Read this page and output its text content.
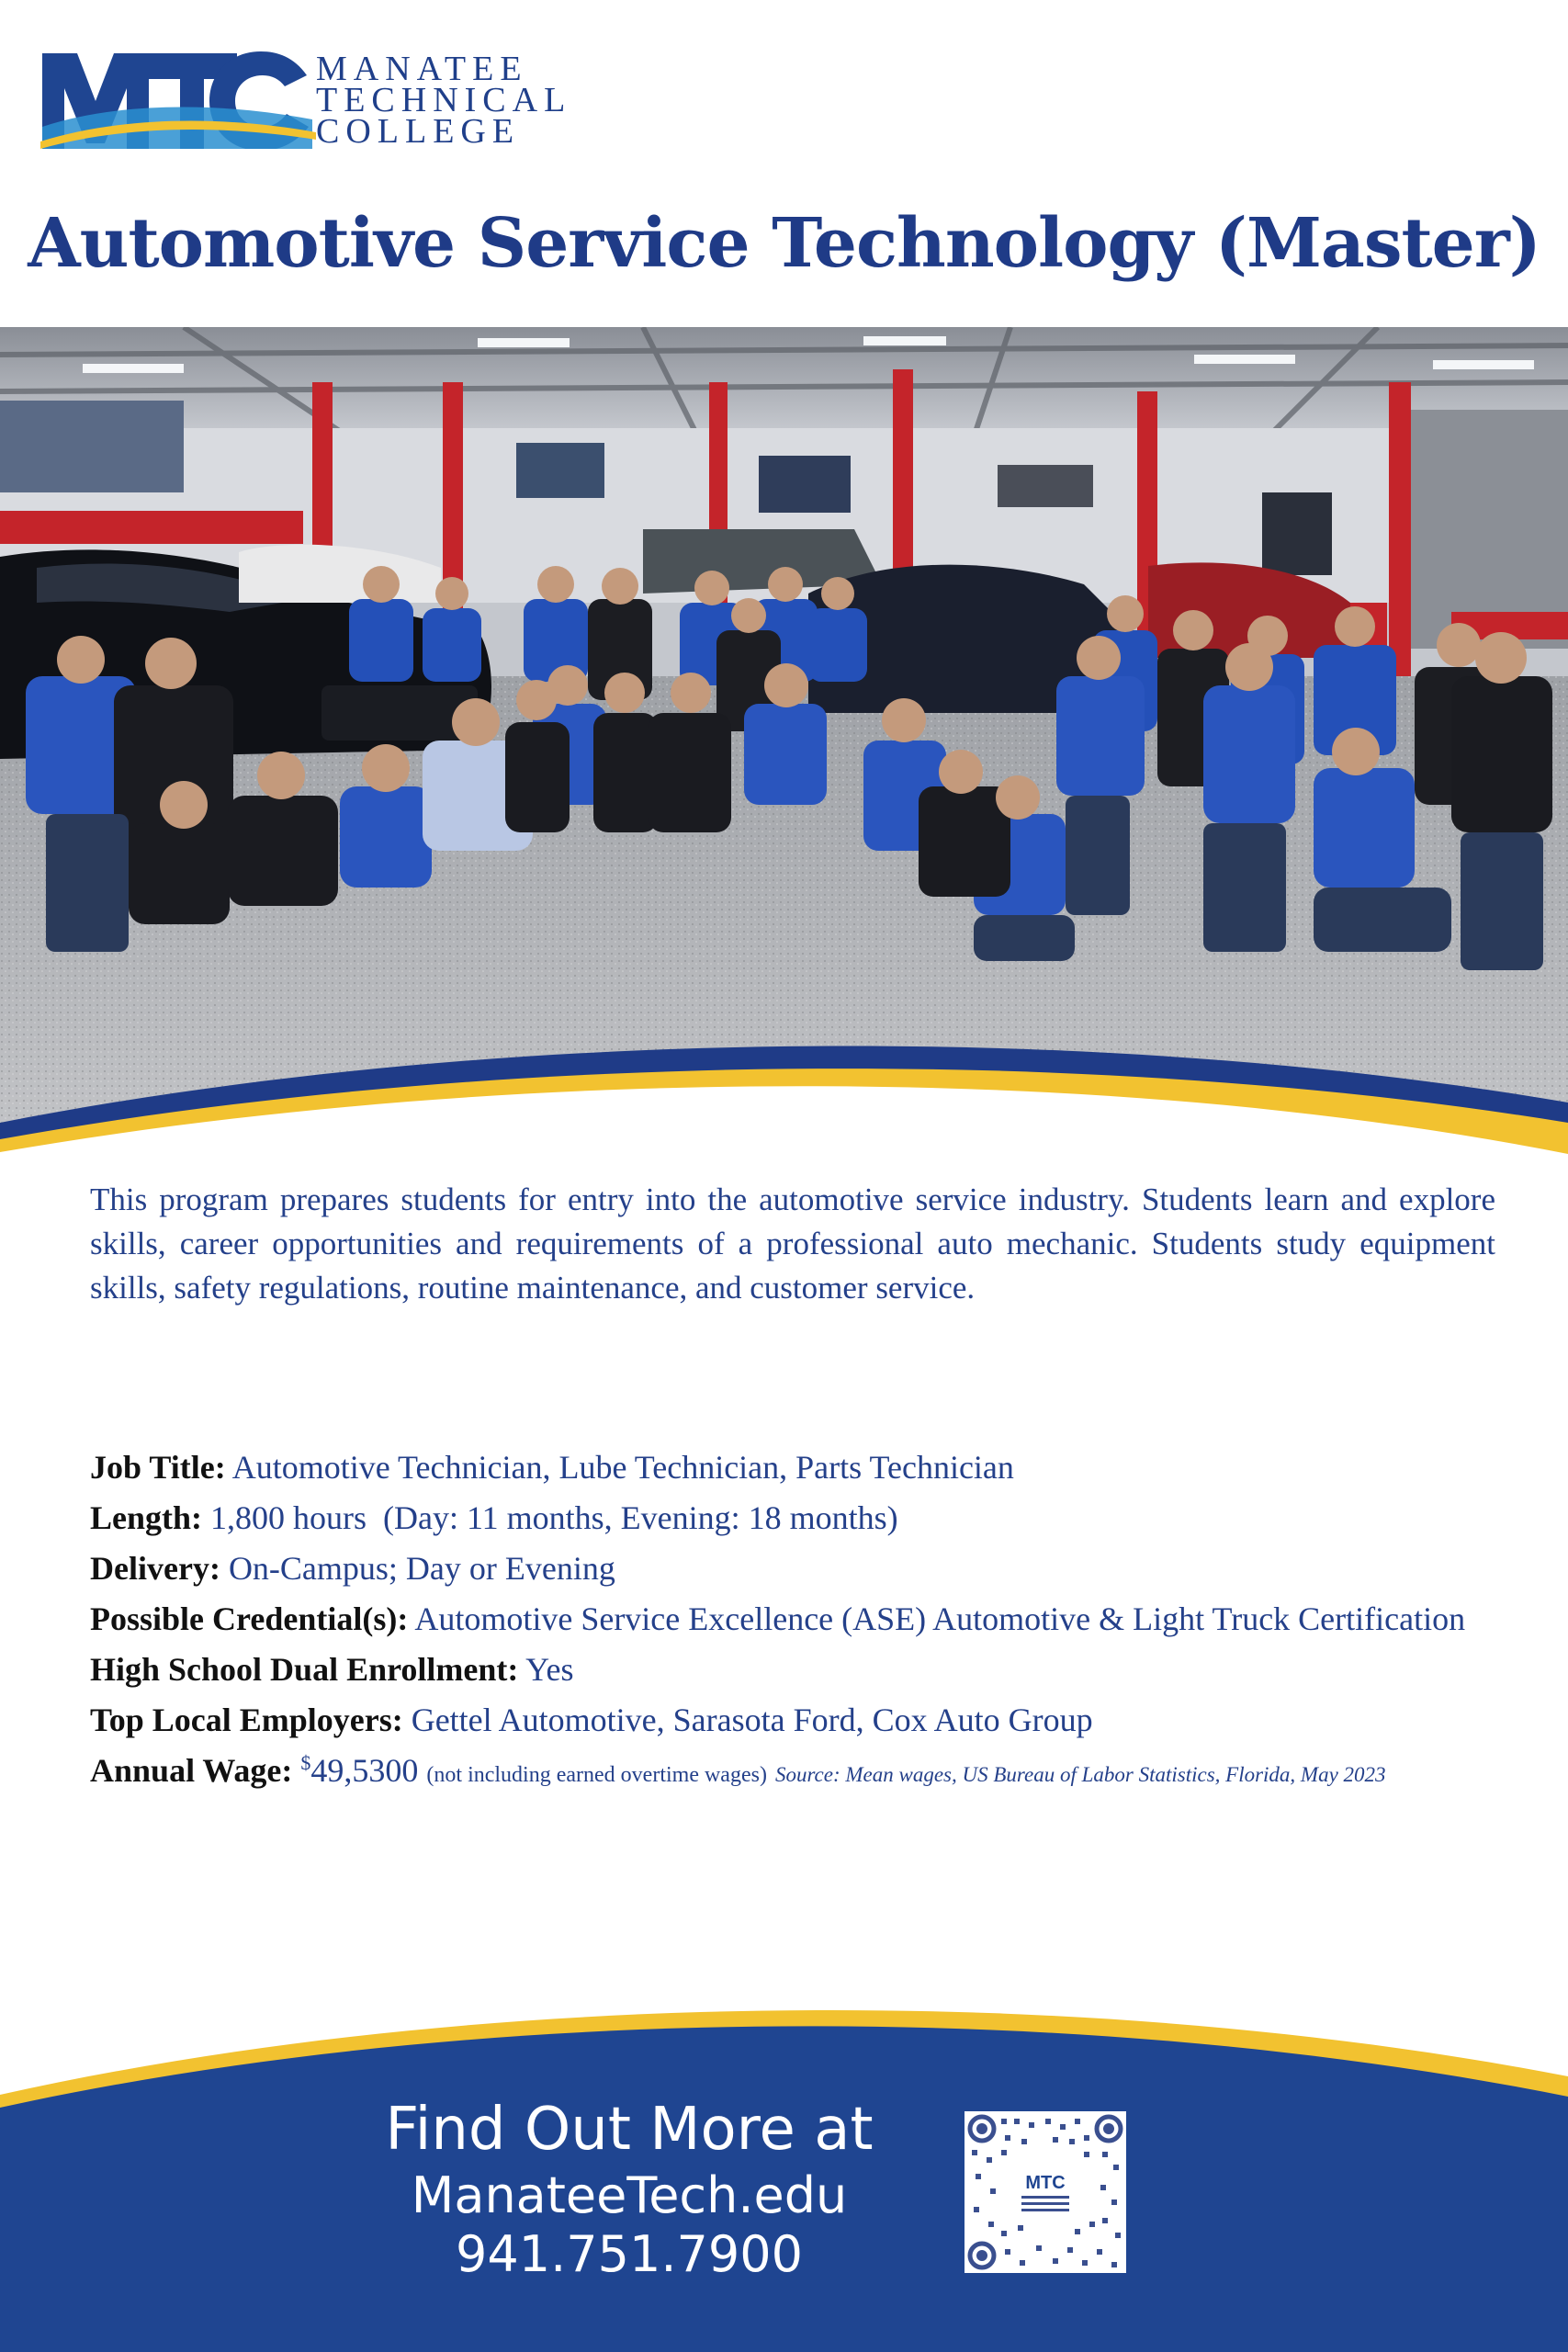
MANATEE
TECHNICAL
COLLEGE
Automotive Service Technology (Master)
This program prepares students for entry into the automotive service industry. Students learn and explore skills, career opportunities and requirements of a professional auto mechanic. Students study equipment skills, safety regulations, routine maintenance, and customer service.
Job Title: Automotive Technician, Lube Technician, Parts Technician
Length: 1,800 hours  (Day: 11 months, Evening: 18 months)
Delivery: On-Campus; Day or Evening
Possible Credential(s): Automotive Service Excellence (ASE) Automotive & Light Truck Certification
High School Dual Enrollment: Yes
Top Local Employers: Gettel Automotive, Sarasota Ford, Cox Auto Group
Annual Wage: $49,5300 (not including earned overtime wages) Source: Mean wages, US Bureau of Labor Statistics, Florida, May 2023
Find Out More at
ManateeTech.edu
941.751.7900
MTC
